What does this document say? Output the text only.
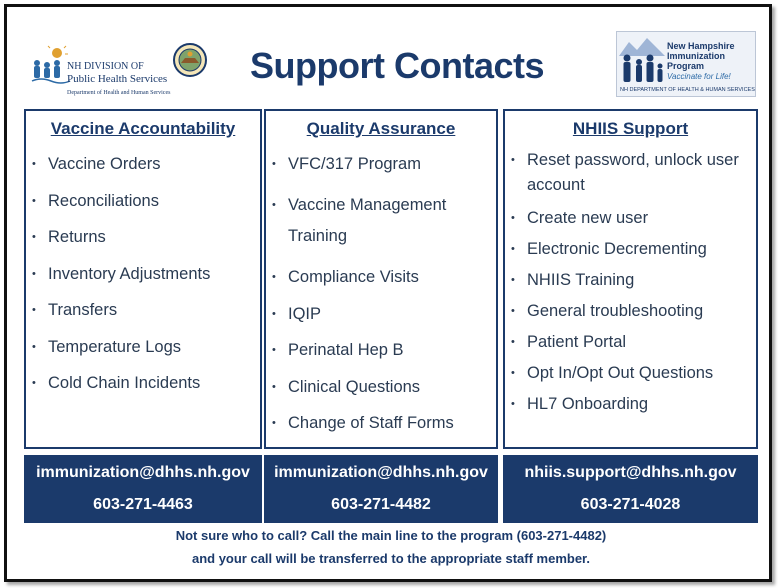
NH DIVISION OF
Public Health Services
Department of Health and Human Services
Support Contacts	New Hampshire
Immunization
Program
Vaccinate for Life!
NH DEPARTMENT OF HEALTH & HUMAN SERVICES
Vaccine Accountability
• Vaccine Orders
• Reconciliations
• Returns
• Inventory Adjustments
• Transfers
• Temperature Logs
• Cold Chain Incidents
Quality Assurance
• VFC/317 Program
• Vaccine Management Training
• Compliance Visits
• IQIP
• Perinatal Hep B
• Clinical Questions
• Change of Staff Forms
NHIIS Support
• Reset password, unlock user account
• Create new user
• Electronic Decrementing
• NHIIS Training
• General troubleshooting
• Patient Portal
• Opt In/Opt Out Questions
• HL7 Onboarding
immunization@dhhs.nh.gov
603-271-4463
immunization@dhhs.nh.gov
603-271-4482
nhiis.support@dhhs.nh.gov
603-271-4028
Not sure who to call? Call the main line to the program (603-271-4482)
and your call will be transferred to the appropriate staff member.
